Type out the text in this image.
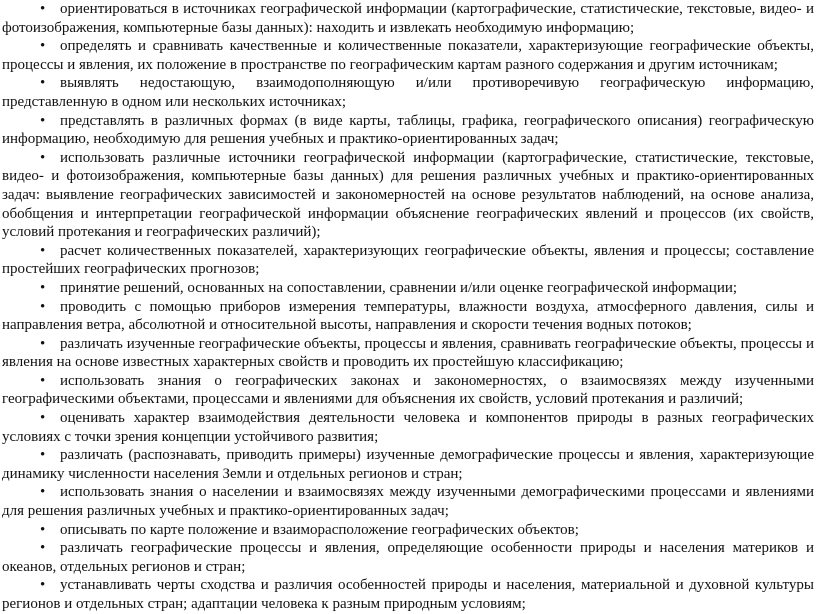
• ориентироваться в источниках географической информации (картографические, статистические, текстовые, видео- и фотоизображения, компьютерные базы данных): находить и извлекать необходимую информацию;

• определять и сравнивать качественные и количественные показатели, характеризующие географические объекты, процессы и явления, их положение в пространстве по географическим картам разного содержания и другим источникам;

• выявлять недостающую, взаимодополняющую и/или противоречивую географическую информацию, представленную в одном или нескольких источниках;

• представлять в различных формах (в виде карты, таблицы, графика, географического описания) географическую информацию, необходимую для решения учебных и практико-ориентированных задач;

• использовать различные источники географической информации (картографические, статистические, текстовые, видео- и фотоизображения, компьютерные базы данных) для решения различных учебных и практико-ориентированных задач: выявление географических зависимостей и закономерностей на основе результатов наблюдений, на основе анализа, обобщения и интерпретации географической информации объяснение географических явлений и процессов (их свойств, условий протекания и географических различий);

• расчет количественных показателей, характеризующих географические объекты, явления и процессы; составление простейших географических прогнозов;

• принятие решений, основанных на сопоставлении, сравнении и/или оценке географической информации;

• проводить с помощью приборов измерения температуры, влажности воздуха, атмосферного давления, силы и направления ветра, абсолютной и относительной высоты, направления и скорости течения водных потоков;

• различать изученные географические объекты, процессы и явления, сравнивать географические объекты, процессы и явления на основе известных характерных свойств и проводить их простейшую классификацию;

• использовать знания о географических законах и закономерностях, о взаимосвязях между изученными географическими объектами, процессами и явлениями для объяснения их свойств, условий протекания и различий;

• оценивать характер взаимодействия деятельности человека и компонентов природы в разных географических условиях с точки зрения концепции устойчивого развития;

• различать (распознавать, приводить примеры) изученные демографические процессы и явления, характеризующие динамику численности населения Земли и отдельных регионов и стран;

• использовать знания о населении и взаимосвязях между изученными демографическими процессами и явлениями для решения различных учебных и практико-ориентированных задач;

• описывать по карте положение и взаиморасположение географических объектов;

• различать географические процессы и явления, определяющие особенности природы и населения материков и океанов, отдельных регионов и стран;

• устанавливать черты сходства и различия особенностей природы и населения, материальной и духовной культуры регионов и отдельных стран; адаптации человека к разным природным условиям;
